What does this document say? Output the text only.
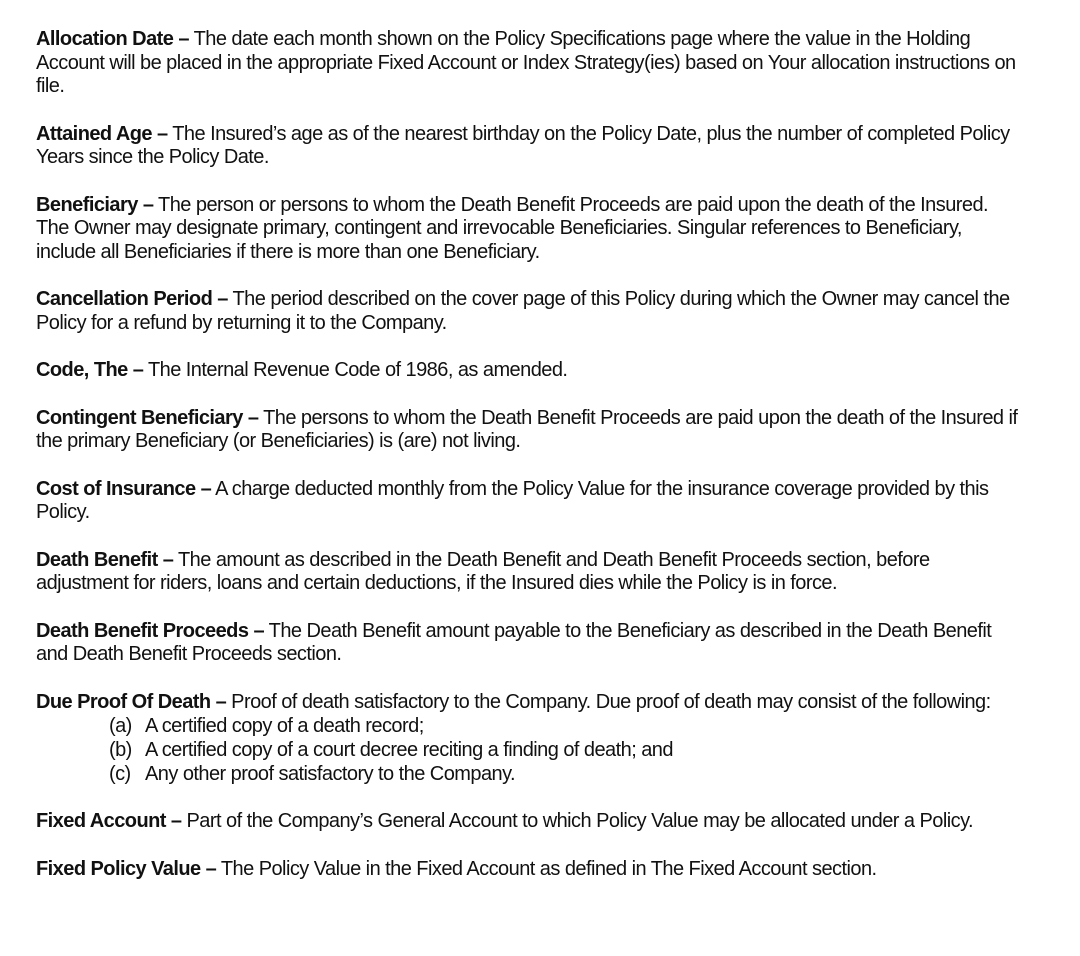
Allocation Date – The date each month shown on the Policy Specifications page where the value in the Holding Account will be placed in the appropriate Fixed Account or Index Strategy(ies) based on Your allocation instructions on file.

Attained Age – The Insured’s age as of the nearest birthday on the Policy Date, plus the number of completed Policy Years since the Policy Date.

Beneficiary – The person or persons to whom the Death Benefit Proceeds are paid upon the death of the Insured. The Owner may designate primary, contingent and irrevocable Beneficiaries. Singular references to Beneficiary, include all Beneficiaries if there is more than one Beneficiary.

Cancellation Period – The period described on the cover page of this Policy during which the Owner may cancel the Policy for a refund by returning it to the Company.

Code, The – The Internal Revenue Code of 1986, as amended.

Contingent Beneficiary – The persons to whom the Death Benefit Proceeds are paid upon the death of the Insured if the primary Beneficiary (or Beneficiaries) is (are) not living.

Cost of Insurance – A charge deducted monthly from the Policy Value for the insurance coverage provided by this Policy.

Death Benefit – The amount as described in the Death Benefit and Death Benefit Proceeds section, before adjustment for riders, loans and certain deductions, if the Insured dies while the Policy is in force.

Death Benefit Proceeds – The Death Benefit amount payable to the Beneficiary as described in the Death Benefit and Death Benefit Proceeds section.

Due Proof Of Death – Proof of death satisfactory to the Company. Due proof of death may consist of the following:
(a) A certified copy of a death record;
(b) A certified copy of a court decree reciting a finding of death; and
(c) Any other proof satisfactory to the Company.

Fixed Account – Part of the Company’s General Account to which Policy Value may be allocated under a Policy.

Fixed Policy Value – The Policy Value in the Fixed Account as defined in The Fixed Account section.
